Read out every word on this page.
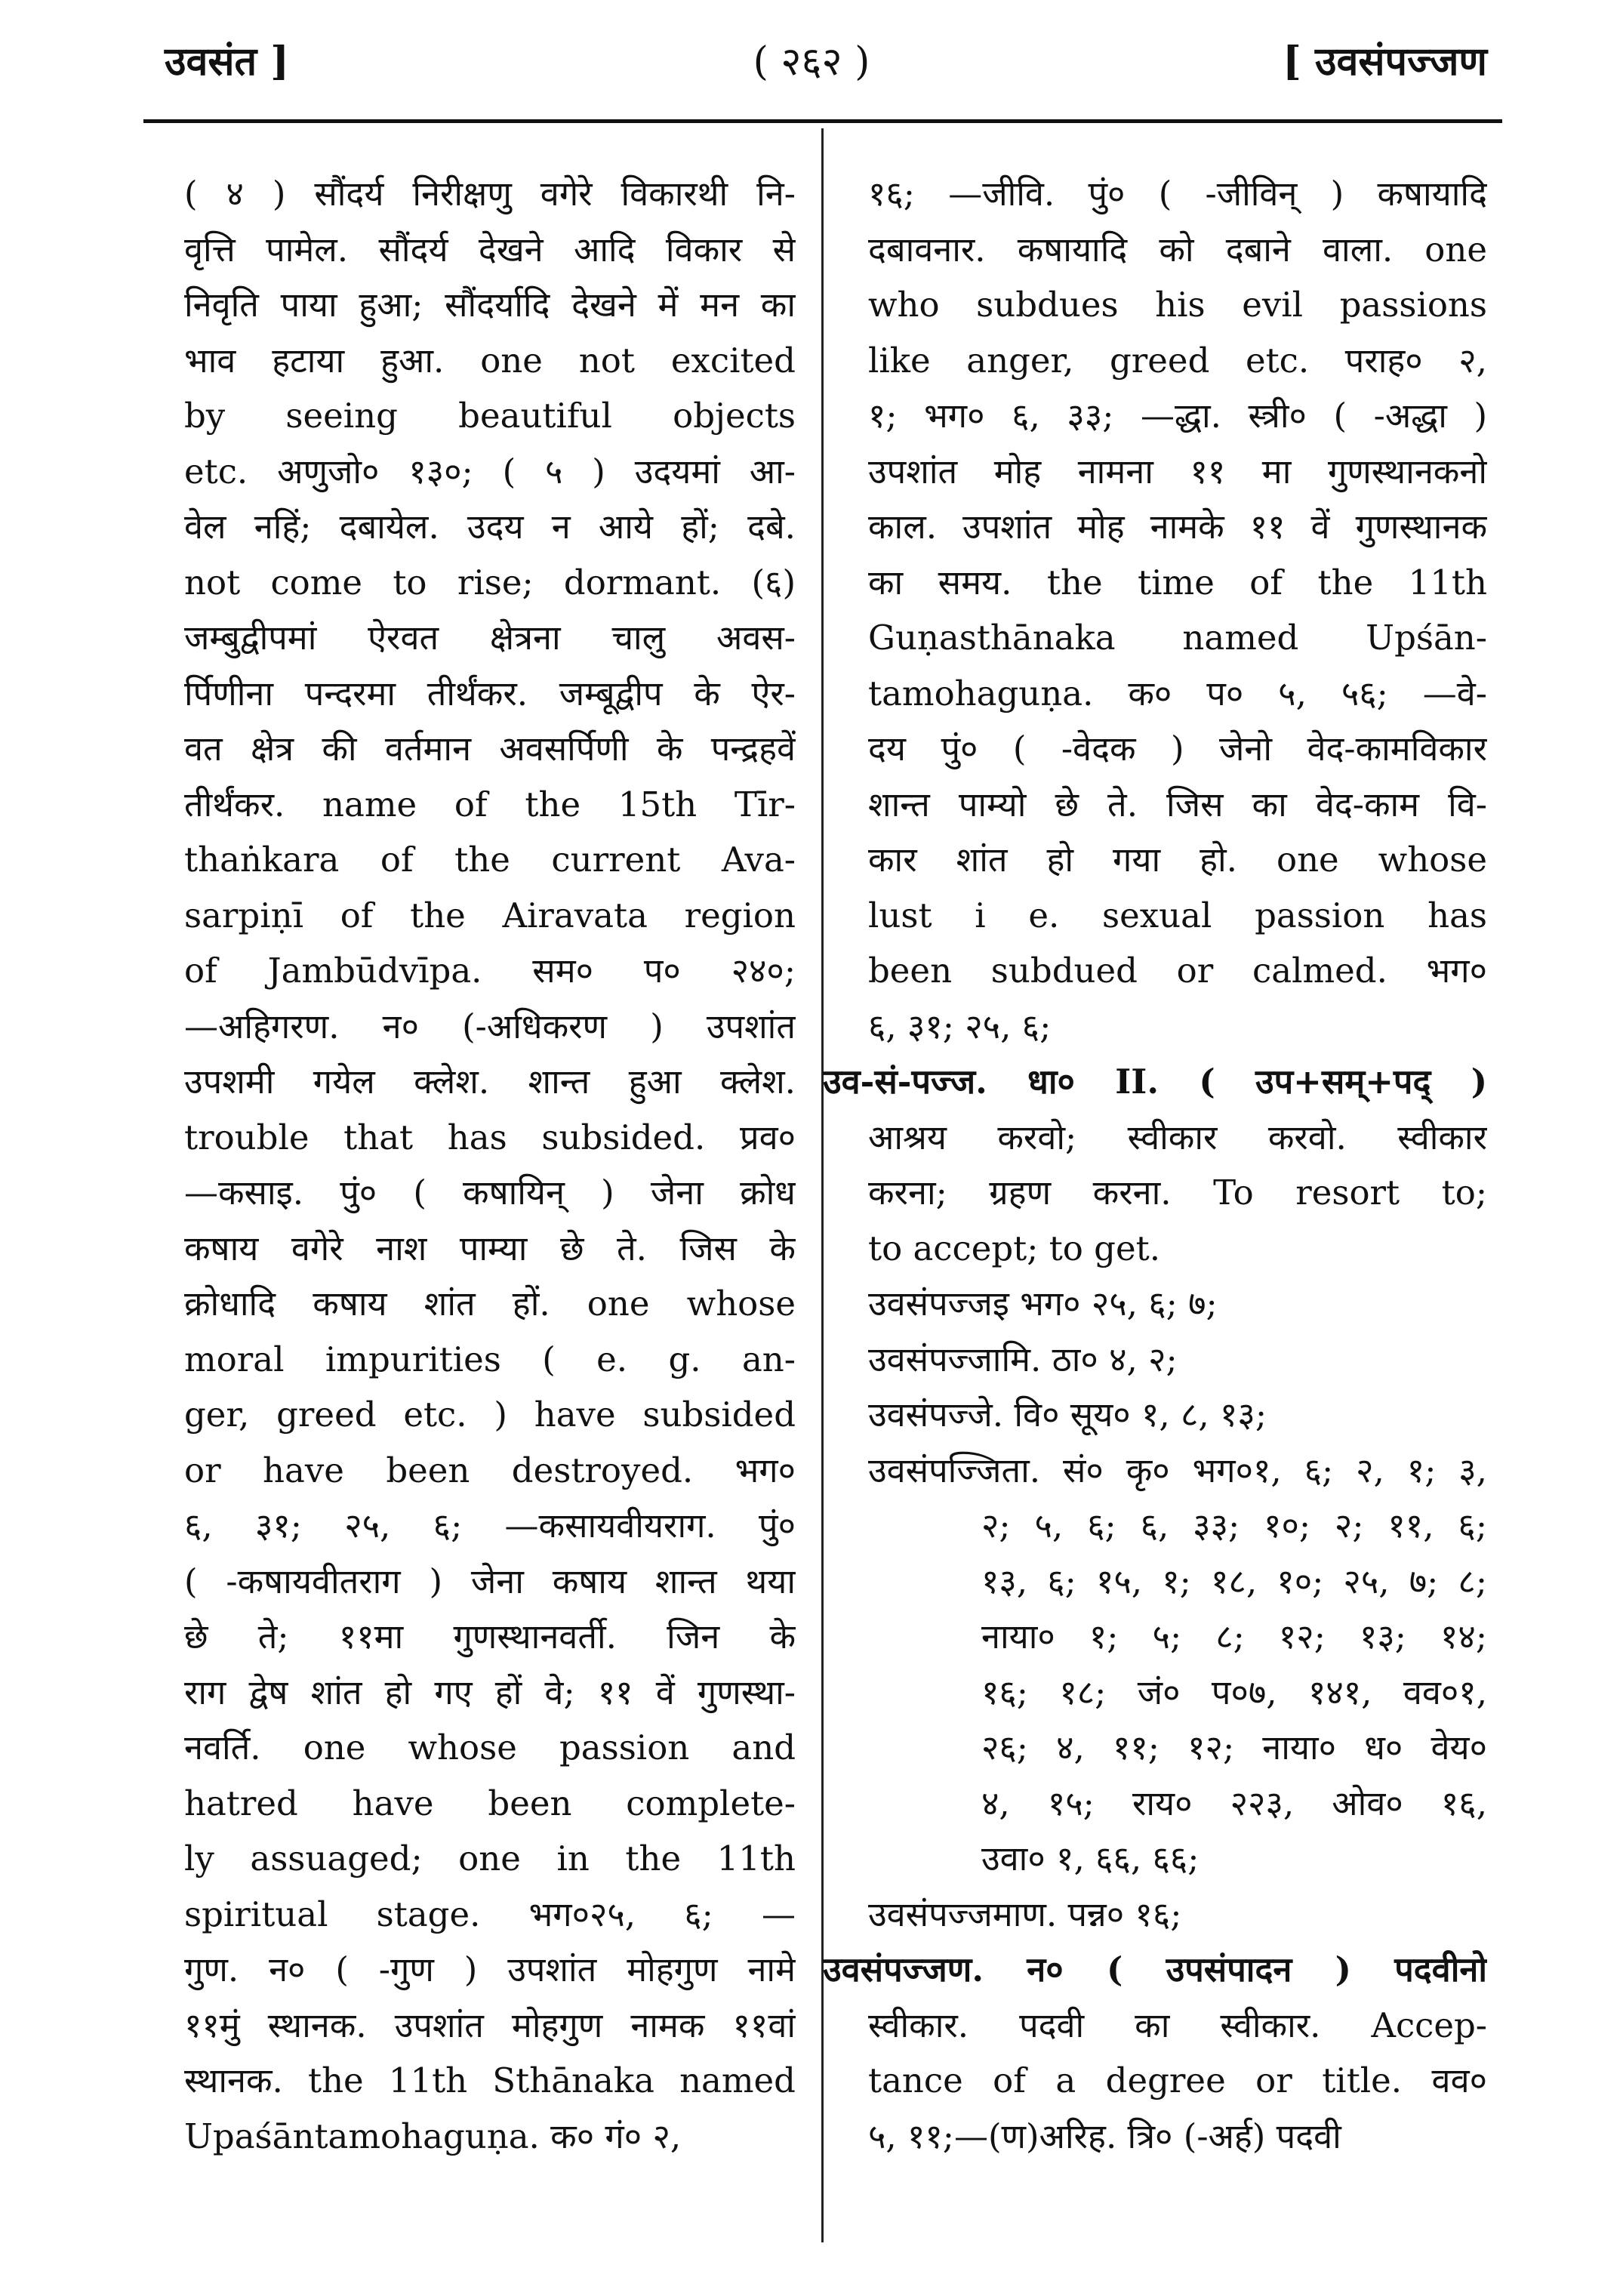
उवसंत ]	( २६२ )	[ उवसंपज्जण

( ४ ) सौंदर्य निरीक्षणु वगेरे विकारथी नि-

वृत्ति पामेल. सौंदर्य देखने आदि विकार से

निवृति पाया हुआ; सौंदर्यादि देखने में मन का

भाव हटाया हुआ. one not excited

by seeing beautiful objects

etc. अणुजो० १३०; ( ५ ) उदयमां आ-

वेल नहिं; दबायेल. उदय न आये हों; दबे.

not come to rise; dormant. (६)

जम्बुद्वीपमां ऐरवत क्षेत्रना चालु अवस-

र्पिणीना पन्दरमा तीर्थंकर. जम्बूद्वीप के ऐर-

वत क्षेत्र की वर्तमान अवसर्पिणी के पन्द्रहवें

तीर्थंकर. name of the 15th Tīr-

thaṅkara of the current Ava-

sarpiṇī of the Airavata region

of Jambūdvīpa. सम० प० २४०;

—अहिगरण. न० (-अधिकरण ) उपशांत

उपशमी गयेल क्लेश. शान्त हुआ क्लेश.

trouble that has subsided. प्रव०

—कसाइ. पुं० ( कषायिन् ) जेना क्रोध

कषाय वगेरे नाश पाम्या छे ते. जिस के

क्रोधादि कषाय शांत हों. one whose

moral impurities ( e. g. an-

ger, greed etc. ) have subsided

or have been destroyed. भग०

६, ३१; २५, ६; —कसायवीयराग. पुं०

( -कषायवीतराग ) जेना कषाय शान्त थया

छे ते; ११मा गुणस्थानवर्ती. जिन के

राग द्वेष शांत हो गए हों वे; ११ वें गुणस्था-

नवर्ति. one whose passion and

hatred have been complete-

ly assuaged; one in the 11th

spiritual stage. भग०२५, ६; —

गुण. न० ( -गुण ) उपशांत मोहगुण नामे

११मुं स्थानक. उपशांत मोहगुण नामक ११वां

स्थानक. the 11th Sthānaka named

Upaśāntamohaguṇa. क० गं० २,

१६; —जीवि. पुं० ( -जीविन् ) कषायादि

दबावनार. कषायादि को दबाने वाला. one

who subdues his evil passions

like anger, greed etc. पराह० २,

१; भग० ६, ३३; —द्धा. स्त्री० ( -अद्धा )

उपशांत मोह नामना ११ मा गुणस्थानकनो

काल. उपशांत मोह नामके ११ वें गुणस्थानक

का समय. the time of the 11th

Guṇasthānaka named Upśān-

tamohaguṇa. क० प० ५, ५६; —वे-

दय पुं० ( -वेदक ) जेनो वेद-कामविकार

शान्त पाम्यो छे ते. जिस का वेद-काम वि-

कार शांत हो गया हो. one whose

lust i e. sexual passion has

been subdued or calmed. भग०

६, ३१; २५, ६;

उव-सं-पज्ज. धा० II. ( उप+सम्+पद् )

आश्रय करवो; स्वीकार करवो. स्वीकार

करना; ग्रहण करना. To resort to;

to accept; to get.

उवसंपज्जइ भग० २५, ६; ७;

उवसंपज्जामि. ठा० ४, २;

उवसंपज्जे. वि० सूय० १, ८, १३;

उवसंपज्जिता. सं० कृ० भग०१, ६; २, १; ३,

२; ५, ६; ६, ३३; १०; २; ११, ६;

१३, ६; १५, १; १८, १०; २५, ७; ८;

नाया० १; ५; ८; १२; १३; १४;

१६; १८; जं० प०७, १४१, वव०१,

२६; ४, ११; १२; नाया० ध० वेय०

४, १५; राय० २२३, ओव० १६,

उवा० १, ६६, ६६;

उवसंपज्जमाण. पन्न० १६;

उवसंपज्जण. न० ( उपसंपादन ) पदवीनो

स्वीकार. पदवी का स्वीकार. Accep-

tance of a degree or title. वव०

५, ११;—(ण)अरिह. त्रि० (-अर्ह) पदवी
